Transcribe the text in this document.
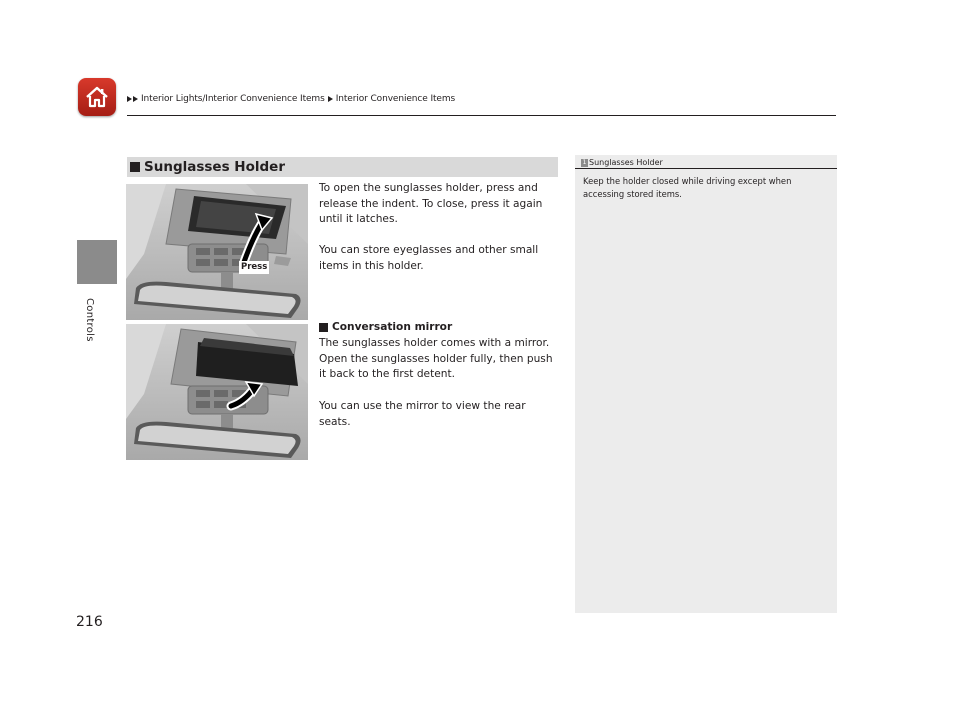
Interior Lights/Interior Convenience Items Interior Convenience Items
Controls
Sunglasses Holder
Press
To open the sunglasses holder, press and release the indent. To close, press it again until it latches.
You can store eyeglasses and other small items in this holder.
Conversation mirror
The sunglasses holder comes with a mirror. Open the sunglasses holder fully, then push it back to the first detent.
You can use the mirror to view the rear seats.
1 Sunglasses Holder
Keep the holder closed while driving except when accessing stored items.
216
